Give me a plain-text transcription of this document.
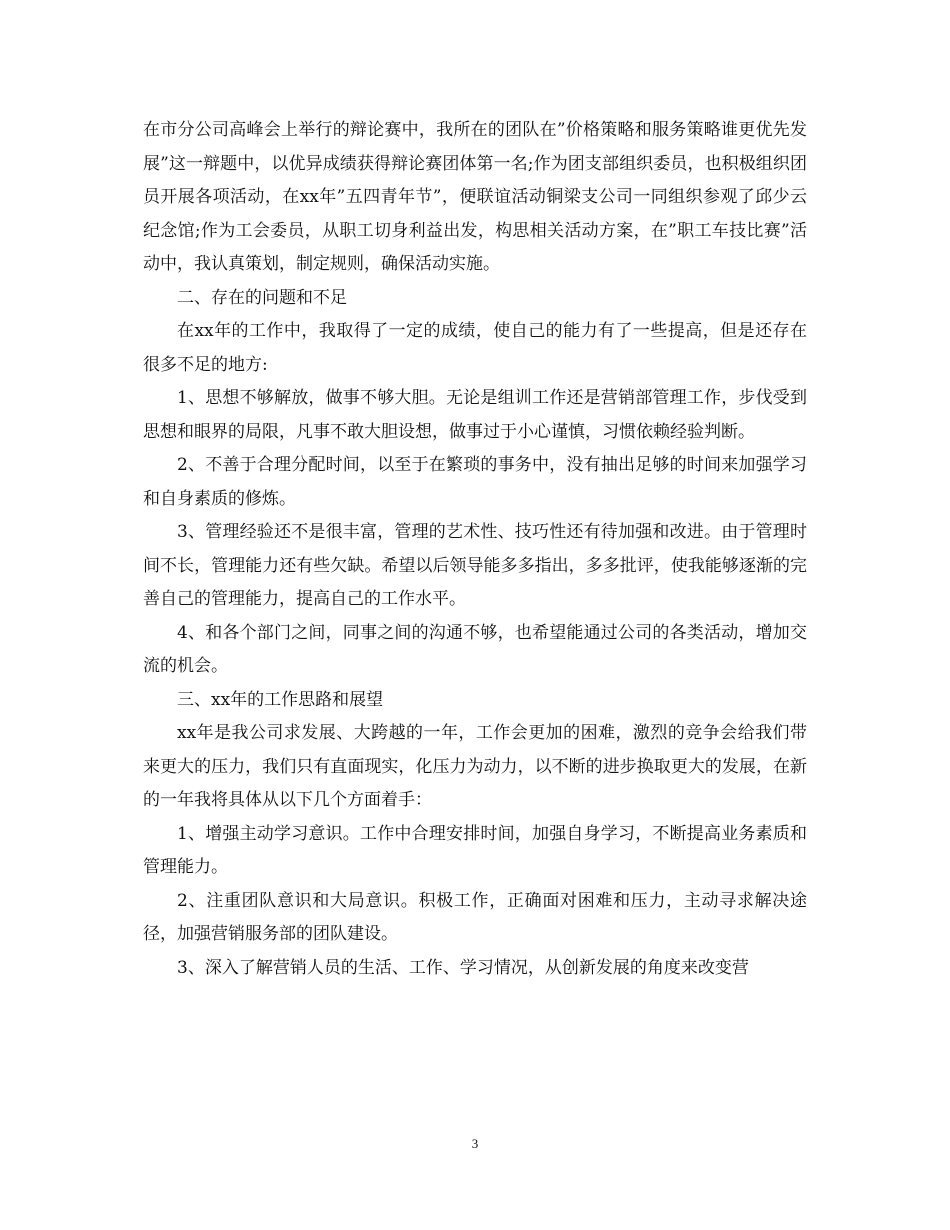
在市分公司高峰会上举行的辩论赛中，我所在的团队在”价格策略和服务策略谁更优先发展”这一辩题中，以优异成绩获得辩论赛团体第一名;作为团支部组织委员，也积极组织团员开展各项活动，在xx年”五四青年节”，便联谊活动铜梁支公司一同组织参观了邱少云纪念馆;作为工会委员，从职工切身利益出发，构思相关活动方案，在”职工车技比赛”活动中，我认真策划，制定规则，确保活动实施。

二、存在的问题和不足

在xx年的工作中，我取得了一定的成绩，使自己的能力有了一些提高，但是还存在很多不足的地方:

1、思想不够解放，做事不够大胆。无论是组训工作还是营销部管理工作，步伐受到思想和眼界的局限，凡事不敢大胆设想，做事过于小心谨慎，习惯依赖经验判断。

2、不善于合理分配时间，以至于在繁琐的事务中，没有抽出足够的时间来加强学习和自身素质的修炼。

3、管理经验还不是很丰富，管理的艺术性、技巧性还有待加强和改进。由于管理时间不长，管理能力还有些欠缺。希望以后领导能多多指出，多多批评，使我能够逐渐的完善自己的管理能力，提高自己的工作水平。

4、和各个部门之间，同事之间的沟通不够，也希望能通过公司的各类活动，增加交流的机会。

三、xx年的工作思路和展望

xx年是我公司求发展、大跨越的一年，工作会更加的困难，激烈的竞争会给我们带来更大的压力，我们只有直面现实，化压力为动力，以不断的进步换取更大的发展，在新的一年我将具体从以下几个方面着手：

1、增强主动学习意识。工作中合理安排时间，加强自身学习，不断提高业务素质和管理能力。

2、注重团队意识和大局意识。积极工作，正确面对困难和压力，主动寻求解决途径，加强营销服务部的团队建设。

3、深入了解营销人员的生活、工作、学习情况，从创新发展的角度来改变营

3
